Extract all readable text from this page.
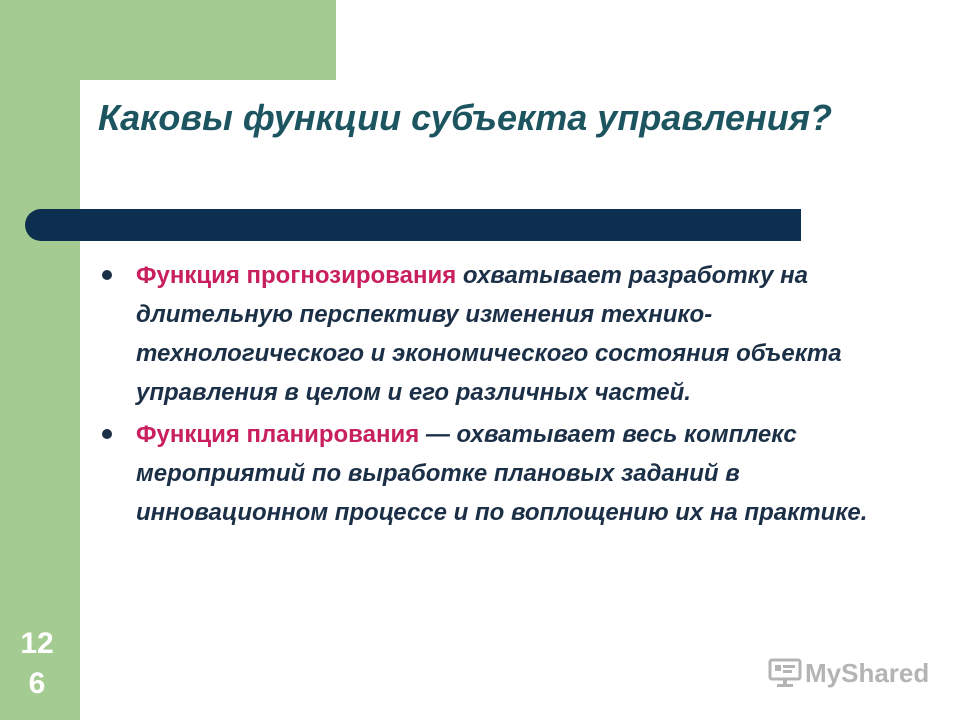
Каковы функции субъекта управления?
Функция прогнозирования охватывает разработку на длительную перспективу изменения технико-технологического и экономического состояния объекта управления в целом и его различных частей.
Функция планирования — охватывает весь комплекс мероприятий по выработке плановых заданий в инновационном процессе и по воплощению их на практике.
126	MyShared
